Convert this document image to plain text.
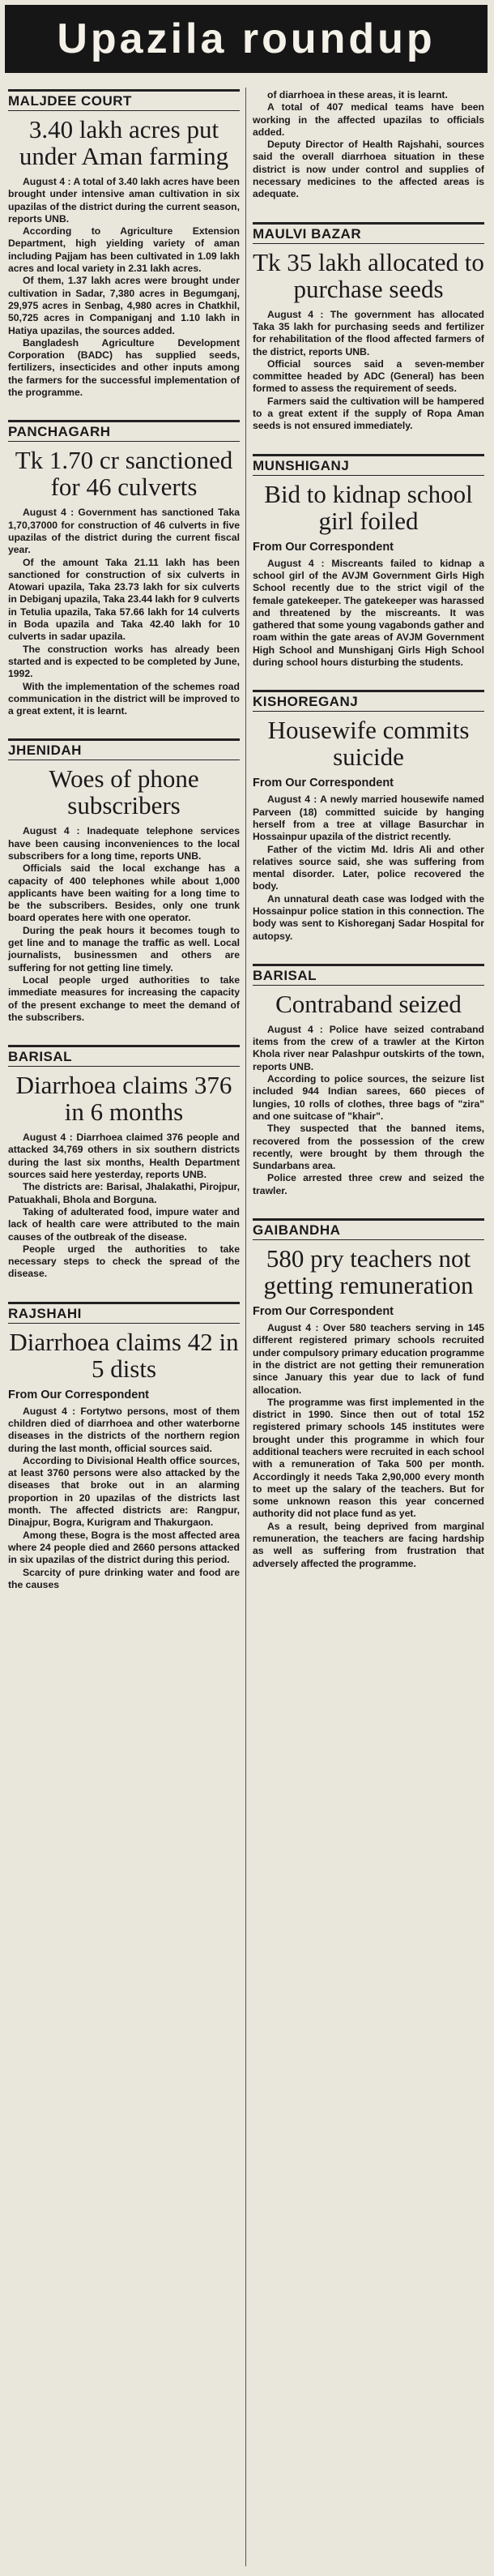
Upazila roundup
MALJDEE COURT
3.40 lakh acres put under Aman farming

August 4 : A total of 3.40 lakh acres have been brought under intensive aman cultivation in six upazilas of the district during the current season, reports UNB.

According to Agriculture Extension Department, high yielding variety of aman including Pajjam has been cultivated in 1.09 lakh acres and local variety in 2.31 lakh acres.

Of them, 1.37 lakh acres were brought under cultivation in Sadar, 7,380 acres in Begumganj, 29,975 acres in Senbag, 4,980 acres in Chatkhil, 50,725 acres in Companiganj and 1.10 lakh in Hatiya upazilas, the sources added.

Bangladesh Agriculture Development Corporation (BADC) has supplied seeds, fertilizers, insecticides and other inputs among the farmers for the successful implementation of the programme.

PANCHAGARH
Tk 1.70 cr sanctioned for 46 culverts

August 4 : Government has sanctioned Taka 1,70,37000 for construction of 46 culverts in five upazilas of the district during the current fiscal year.

Of the amount Taka 21.11 lakh has been sanctioned for construction of six culverts in Atowari upazila, Taka 23.73 lakh for six culverts in Debiganj upazila, Taka 23.44 lakh for 9 culverts in Tetulia upazila, Taka 57.66 lakh for 14 culverts in Boda upazila and Taka 42.40 lakh for 10 culverts in sadar upazila.

The construction works has already been started and is expected to be completed by June, 1992.

With the implementation of the schemes road communication in the district will be improved to a great extent, it is learnt.

JHENIDAH
Woes of phone subscribers

August 4 : Inadequate telephone services have been causing inconveniences to the local subscribers for a long time, reports UNB.

Officials said the local exchange has a capacity of 400 telephones while about 1,000 applicants have been waiting for a long time to be the subscribers. Besides, only one trunk board operates here with one operator.

During the peak hours it becomes tough to get line and to manage the traffic as well. Local journalists, businessmen and others are suffering for not getting line timely.

Local people urged authorities to take immediate measures for increasing the capacity of the present exchange to meet the demand of the subscribers.

BARISAL
Diarrhoea claims 376 in 6 months

August 4 : Diarrhoea claimed 376 people and attacked 34,769 others in six southern districts during the last six months, Health Department sources said here yesterday, reports UNB.

The districts are: Barisal, Jhalakathi, Pirojpur, Patuakhali, Bhola and Borguna.

Taking of adulterated food, impure water and lack of health care were attributed to the main causes of the outbreak of the disease.

People urged the authorities to take necessary steps to check the spread of the disease.

RAJSHAHI
Diarrhoea claims 42 in 5 dists
From Our Correspondent

August 4 : Fortytwo persons, most of them children died of diarrhoea and other waterborne diseases in the districts of the northern region during the last month, official sources said.

According to Divisional Health office sources, at least 3760 persons were also attacked by the diseases that broke out in an alarming proportion in 20 upazilas of the districts last month. The affected districts are: Rangpur, Dinajpur, Bogra, Kurigram and Thakurgaon.

Among these, Bogra is the most affected area where 24 people died and 2660 persons attacked in six upazilas of the district during this period.

Scarcity of pure drinking water and food are the causes

of diarrhoea in these areas, it is learnt.

A total of 407 medical teams have been working in the affected upazilas to officials added.

Deputy Director of Health Rajshahi, sources said the overall diarrhoea situation in these district is now under control and supplies of necessary medicines to the affected areas is adequate.

MAULVI BAZAR
Tk 35 lakh allocated to purchase seeds

August 4 : The government has allocated Taka 35 lakh for purchasing seeds and fertilizer for rehabilitation of the flood affected farmers of the district, reports UNB.

Official sources said a seven-member committee headed by ADC (General) has been formed to assess the requirement of seeds.

Farmers said the cultivation will be hampered to a great extent if the supply of Ropa Aman seeds is not ensured immediately.

MUNSHIGANJ
Bid to kidnap school girl foiled
From Our Correspondent

August 4 : Miscreants failed to kidnap a school girl of the AVJM Government Girls High School recently due to the strict vigil of the female gatekeeper. The gatekeeper was harassed and threatened by the miscreants. It was gathered that some young vagabonds gather and roam within the gate areas of AVJM Government High School and Munshiganj Girls High School during school hours disturbing the students.

KISHOREGANJ
Housewife commits suicide
From Our Correspondent

August 4 : A newly married housewife named Parveen (18) committed suicide by hanging herself from a tree at village Basurchar in Hossainpur upazila of the district recently.

Father of the victim Md. Idris Ali and other relatives source said, she was suffering from mental disorder. Later, police recovered the body.

An unnatural death case was lodged with the Hossainpur police station in this connection. The body was sent to Kishoreganj Sadar Hospital for autopsy.

BARISAL
Contraband seized

August 4 : Police have seized contraband items from the crew of a trawler at the Kirton Khola river near Palashpur outskirts of the town, reports UNB.

According to police sources, the seizure list included 944 Indian sarees, 660 pieces of lungies, 10 rolls of clothes, three bags of "zira" and one suitcase of "khair".

They suspected that the banned items, recovered from the possession of the crew recently, were brought by them through the Sundarbans area.

Police arrested three crew and seized the trawler.

GAIBANDHA
580 pry teachers not getting remuneration
From Our Correspondent

August 4 : Over 580 teachers serving in 145 different registered primary schools recruited under compulsory primary education programme in the district are not getting their remuneration since January this year due to lack of fund allocation.

The programme was first implemented in the district in 1990. Since then out of total 152 registered primary schools 145 institutes were brought under this programme in which four additional teachers were recruited in each school with a remuneration of Taka 500 per month. Accordingly it needs Taka 2,90,000 every month to meet up the salary of the teachers. But for some unknown reason this year concerned authority did not place fund as yet.

As a result, being deprived from marginal remuneration, the teachers are facing hardship as well as suffering from frustration that adversely affected the programme.
